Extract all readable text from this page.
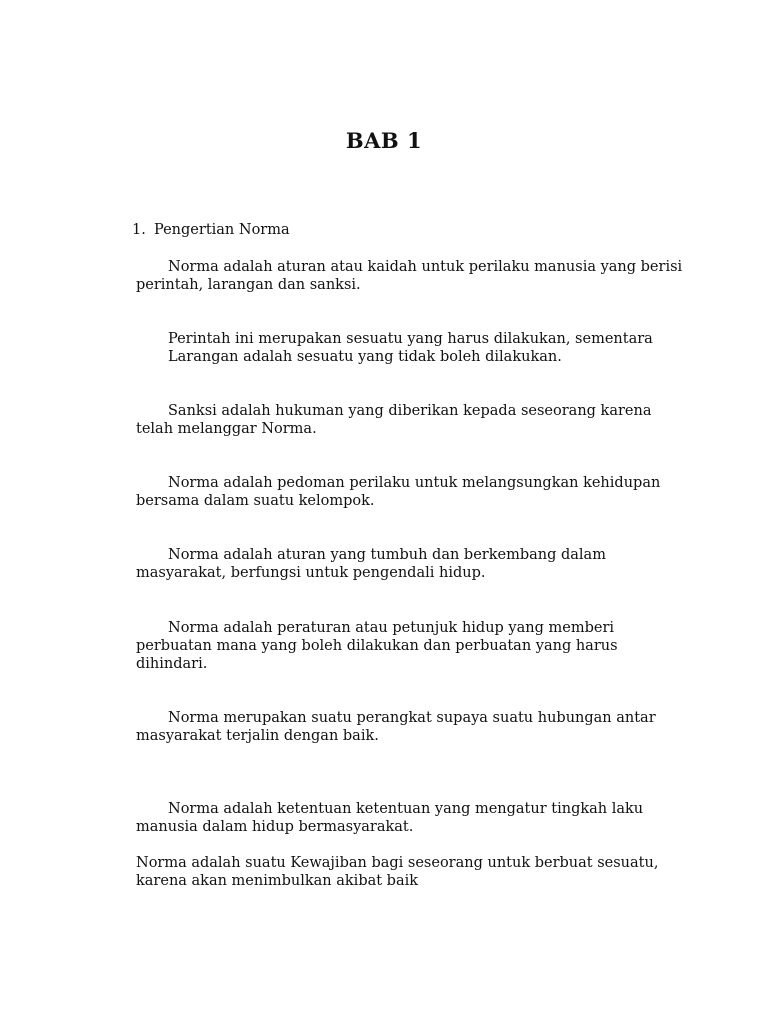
BAB 1

1. Pengertian Norma

Norma adalah aturan atau kaidah untuk perilaku manusia yang berisi
perintah, larangan dan sanksi.

Perintah ini merupakan sesuatu yang harus dilakukan, sementara
Larangan adalah sesuatu yang tidak boleh dilakukan.

Sanksi adalah hukuman yang diberikan kepada seseorang karena
telah melanggar Norma.

Norma adalah pedoman perilaku untuk melangsungkan kehidupan
bersama dalam suatu kelompok.

Norma adalah aturan yang tumbuh dan berkembang dalam
masyarakat, berfungsi untuk pengendali hidup.

Norma adalah peraturan atau petunjuk hidup yang memberi
perbuatan mana yang boleh dilakukan dan perbuatan yang harus
dihindari.

Norma merupakan suatu perangkat supaya suatu hubungan antar
masyarakat terjalin dengan baik.

Norma adalah ketentuan ketentuan yang mengatur tingkah laku
manusia dalam hidup bermasyarakat.

Norma adalah suatu Kewajiban bagi seseorang untuk berbuat sesuatu,
karena akan menimbulkan akibat baik
